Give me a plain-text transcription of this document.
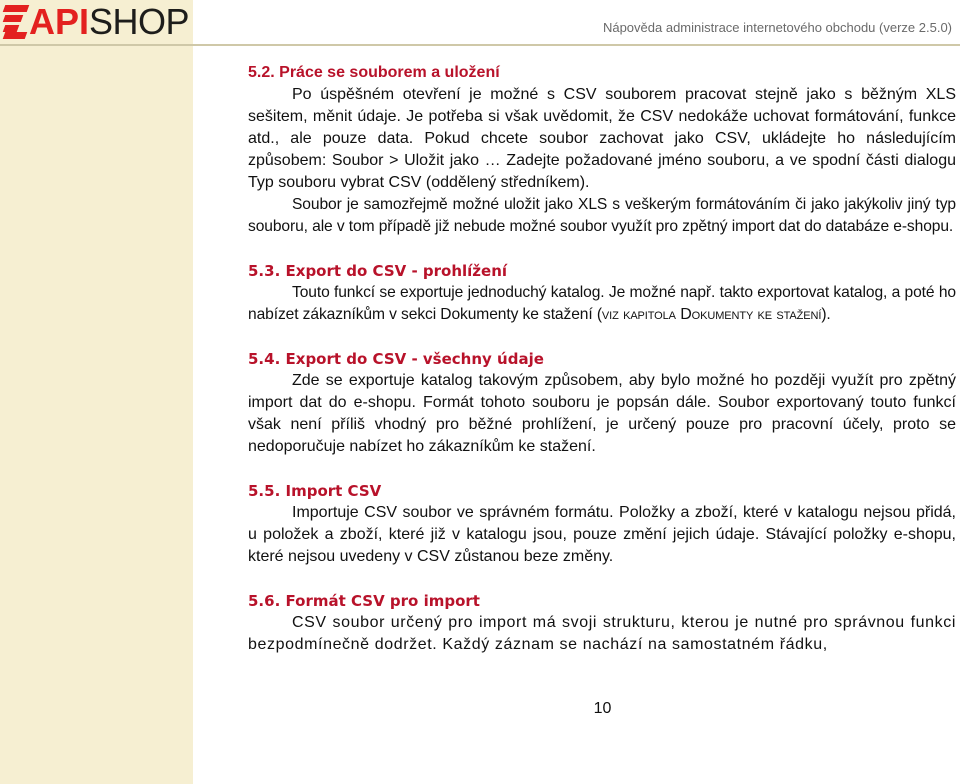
API SHOP	Nápověda administrace internetového obchodu (verze 2.5.0)
5.2. Práce se souborem a uložení

Po úspěšném otevření je možné s CSV souborem pracovat stejně jako s běžným XLS sešitem, měnit údaje. Je potřeba si však uvědomit, že CSV nedokáže uchovat formátování, funkce atd., ale pouze data. Pokud chcete soubor zachovat jako CSV, ukládejte ho následujícím způsobem: Soubor > Uložit jako … Zadejte požadované jméno souboru, a ve spodní části dialogu Typ souboru vybrat CSV (oddělený středníkem).

Soubor je samozřejmě možné uložit jako XLS s veškerým formátováním či jako jakýkoliv jiný typ souboru, ale v tom případě již nebude možné soubor využít pro zpětný import dat do databáze e-shopu.

5.3. Export do CSV - prohlížení

Touto funkcí se exportuje jednoduchý katalog. Je možné např. takto exportovat katalog, a poté ho nabízet zákazníkům v sekci Dokumenty ke stažení (viz kapitola Dokumenty ke stažení).

5.4. Export do CSV - všechny údaje

Zde se exportuje katalog takovým způsobem, aby bylo možné ho později využít pro zpětný import dat do e-shopu. Formát tohoto souboru je popsán dále. Soubor exportovaný touto funkcí však není příliš vhodný pro běžné prohlížení, je určený pouze pro pracovní účely, proto se nedoporučuje nabízet ho zákazníkům ke stažení.

5.5. Import CSV

Importuje CSV soubor ve správném formátu. Položky a zboží, které v katalogu nejsou přidá, u položek a zboží, které již v katalogu jsou, pouze změní jejich údaje. Stávající položky e-shopu, které nejsou uvedeny v CSV zůstanou beze změny.

5.6. Formát CSV pro import

CSV soubor určený pro import má svoji strukturu, kterou je nutné pro správnou funkci bezpodmínečně dodržet. Každý záznam se nachází na samostatném řádku,

10
